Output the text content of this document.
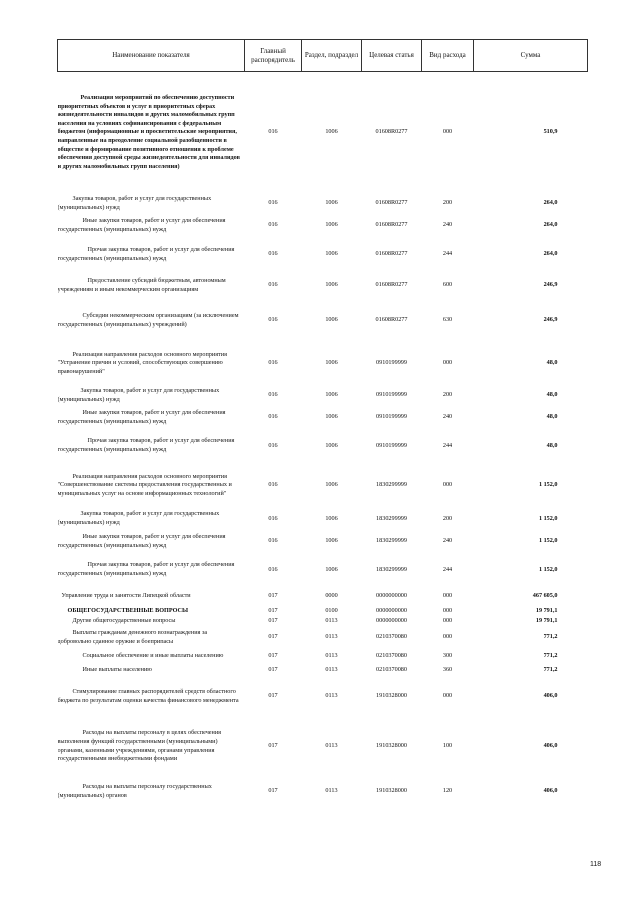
Наименование показателя	Главный распорядитель	Раздел, подраздел	Целевая статья	Вид расхода	Сумма
Реализация мероприятий по обеспечению доступности приоритетных объектов и услуг в приоритетных сферах жизнедеятельности инвалидов и других маломобильных групп населения на условиях софинансирования с федеральным бюджетом (информационные и просветительские мероприятия, направленные на преодоление социальной разобщенности в обществе и формирование позитивного отношения к проблеме обеспечения доступной среды жизнедеятельности для инвалидов и других маломобильных групп населения)	016	1006	01608R0277	000	510,9
Закупка товаров, работ и услуг для государственных (муниципальных) нужд	016	1006	01608R0277	200	264,0
Иные закупки товаров, работ и услуг для обеспечения государственных (муниципальных) нужд	016	1006	01608R0277	240	264,0
Прочая закупка товаров, работ и услуг для обеспечения государственных (муниципальных) нужд	016	1006	01608R0277	244	264,0
Предоставление субсидий бюджетным, автономным учреждениям и иным некоммерческим организациям	016	1006	01608R0277	600	246,9
Субсидии некоммерческим организациям (за исключением государственных (муниципальных) учреждений)	016	1006	01608R0277	630	246,9
Реализация направления расходов основного мероприятия "Устранение причин и условий, способствующих совершению правонарушений"	016	1006	0910199999	000	48,0
Закупка товаров, работ и услуг для государственных (муниципальных) нужд	016	1006	0910199999	200	48,0
Иные закупки товаров, работ и услуг для обеспечения государственных (муниципальных) нужд	016	1006	0910199999	240	48,0
Прочая закупка товаров, работ и услуг для обеспечения государственных (муниципальных) нужд	016	1006	0910199999	244	48,0
Реализация направления расходов основного мероприятия "Совершенствование системы предоставления государственных и муниципальных услуг на основе информационных технологий"	016	1006	1830299999	000	1 152,0
Закупка товаров, работ и услуг для государственных (муниципальных) нужд	016	1006	1830299999	200	1 152,0
Иные закупки товаров, работ и услуг для обеспечения государственных (муниципальных) нужд	016	1006	1830299999	240	1 152,0
Прочая закупка товаров, работ и услуг для обеспечения государственных (муниципальных) нужд	016	1006	1830299999	244	1 152,0
Управление труда и занятости Липецкой области	017	0000	0000000000	000	467 605,0
ОБЩЕГОСУДАРСТВЕННЫЕ ВОПРОСЫ	017	0100	0000000000	000	19 791,1
Другие общегосударственные вопросы	017	0113	0000000000	000	19 791,1
Выплаты гражданам денежного вознаграждения за добровольно сданное оружие и боеприпасы	017	0113	0210370080	000	771,2
Социальное обеспечение и иные выплаты населению	017	0113	0210370080	300	771,2
Иные выплаты населению	017	0113	0210370080	360	771,2
Стимулирование главных распорядителей средств областного бюджета по результатам оценки качества финансового менеджмента	017	0113	1910328000	000	406,0
Расходы на выплаты персоналу в целях обеспечения выполнения функций государственными (муниципальными) органами, казенными учреждениями, органами управления государственными внебюджетными фондами	017	0113	1910328000	100	406,0
Расходы на выплаты персоналу государственных (муниципальных) органов	017	0113	1910328000	120	406,0
118
